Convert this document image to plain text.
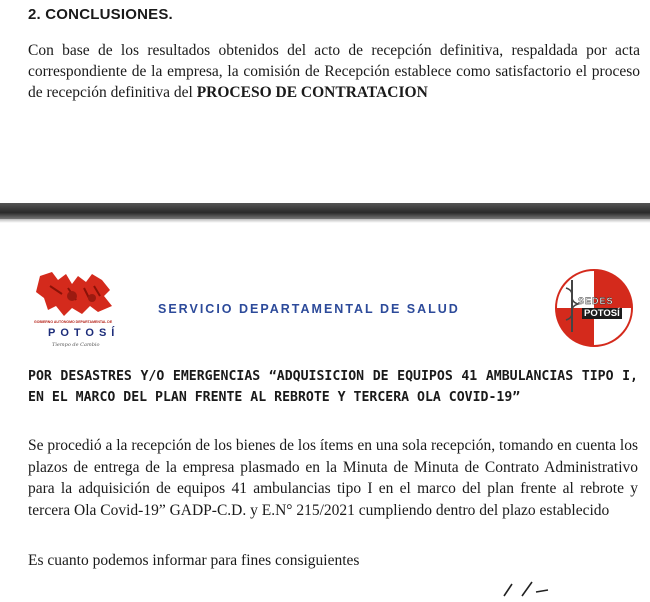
2. CONCLUSIONES.
Con base de los resultados obtenidos del acto de recepción definitiva, respaldada por acta correspondiente de la empresa, la comisión de Recepción establece como satisfactorio el proceso de recepción definitiva del PROCESO DE CONTRATACION
GOBIERNO AUTÓNOMO DEPARTAMENTAL DE
POTOSÍ
Tiempo de Cambio
SERVICIO DEPARTAMENTAL DE SALUD
SEDES
POTOSÍ
POR DESASTRES Y/O EMERGENCIAS “ADQUISICION DE EQUIPOS 41 AMBULANCIAS TIPO I, EN EL MARCO DEL PLAN FRENTE AL REBROTE Y TERCERA OLA COVID-19”
Se procedió a la recepción de los bienes de los ítems en una sola recepción, tomando en cuenta los plazos de entrega de la empresa plasmado en la Minuta de Minuta de Contrato Administrativo para la adquisición de equipos 41 ambulancias tipo I en el marco del plan frente al rebrote y tercera Ola Covid-19” GADP-C.D. y E.N° 215/2021 cumpliendo dentro del plazo establecido
Es cuanto podemos informar para fines consiguientes
